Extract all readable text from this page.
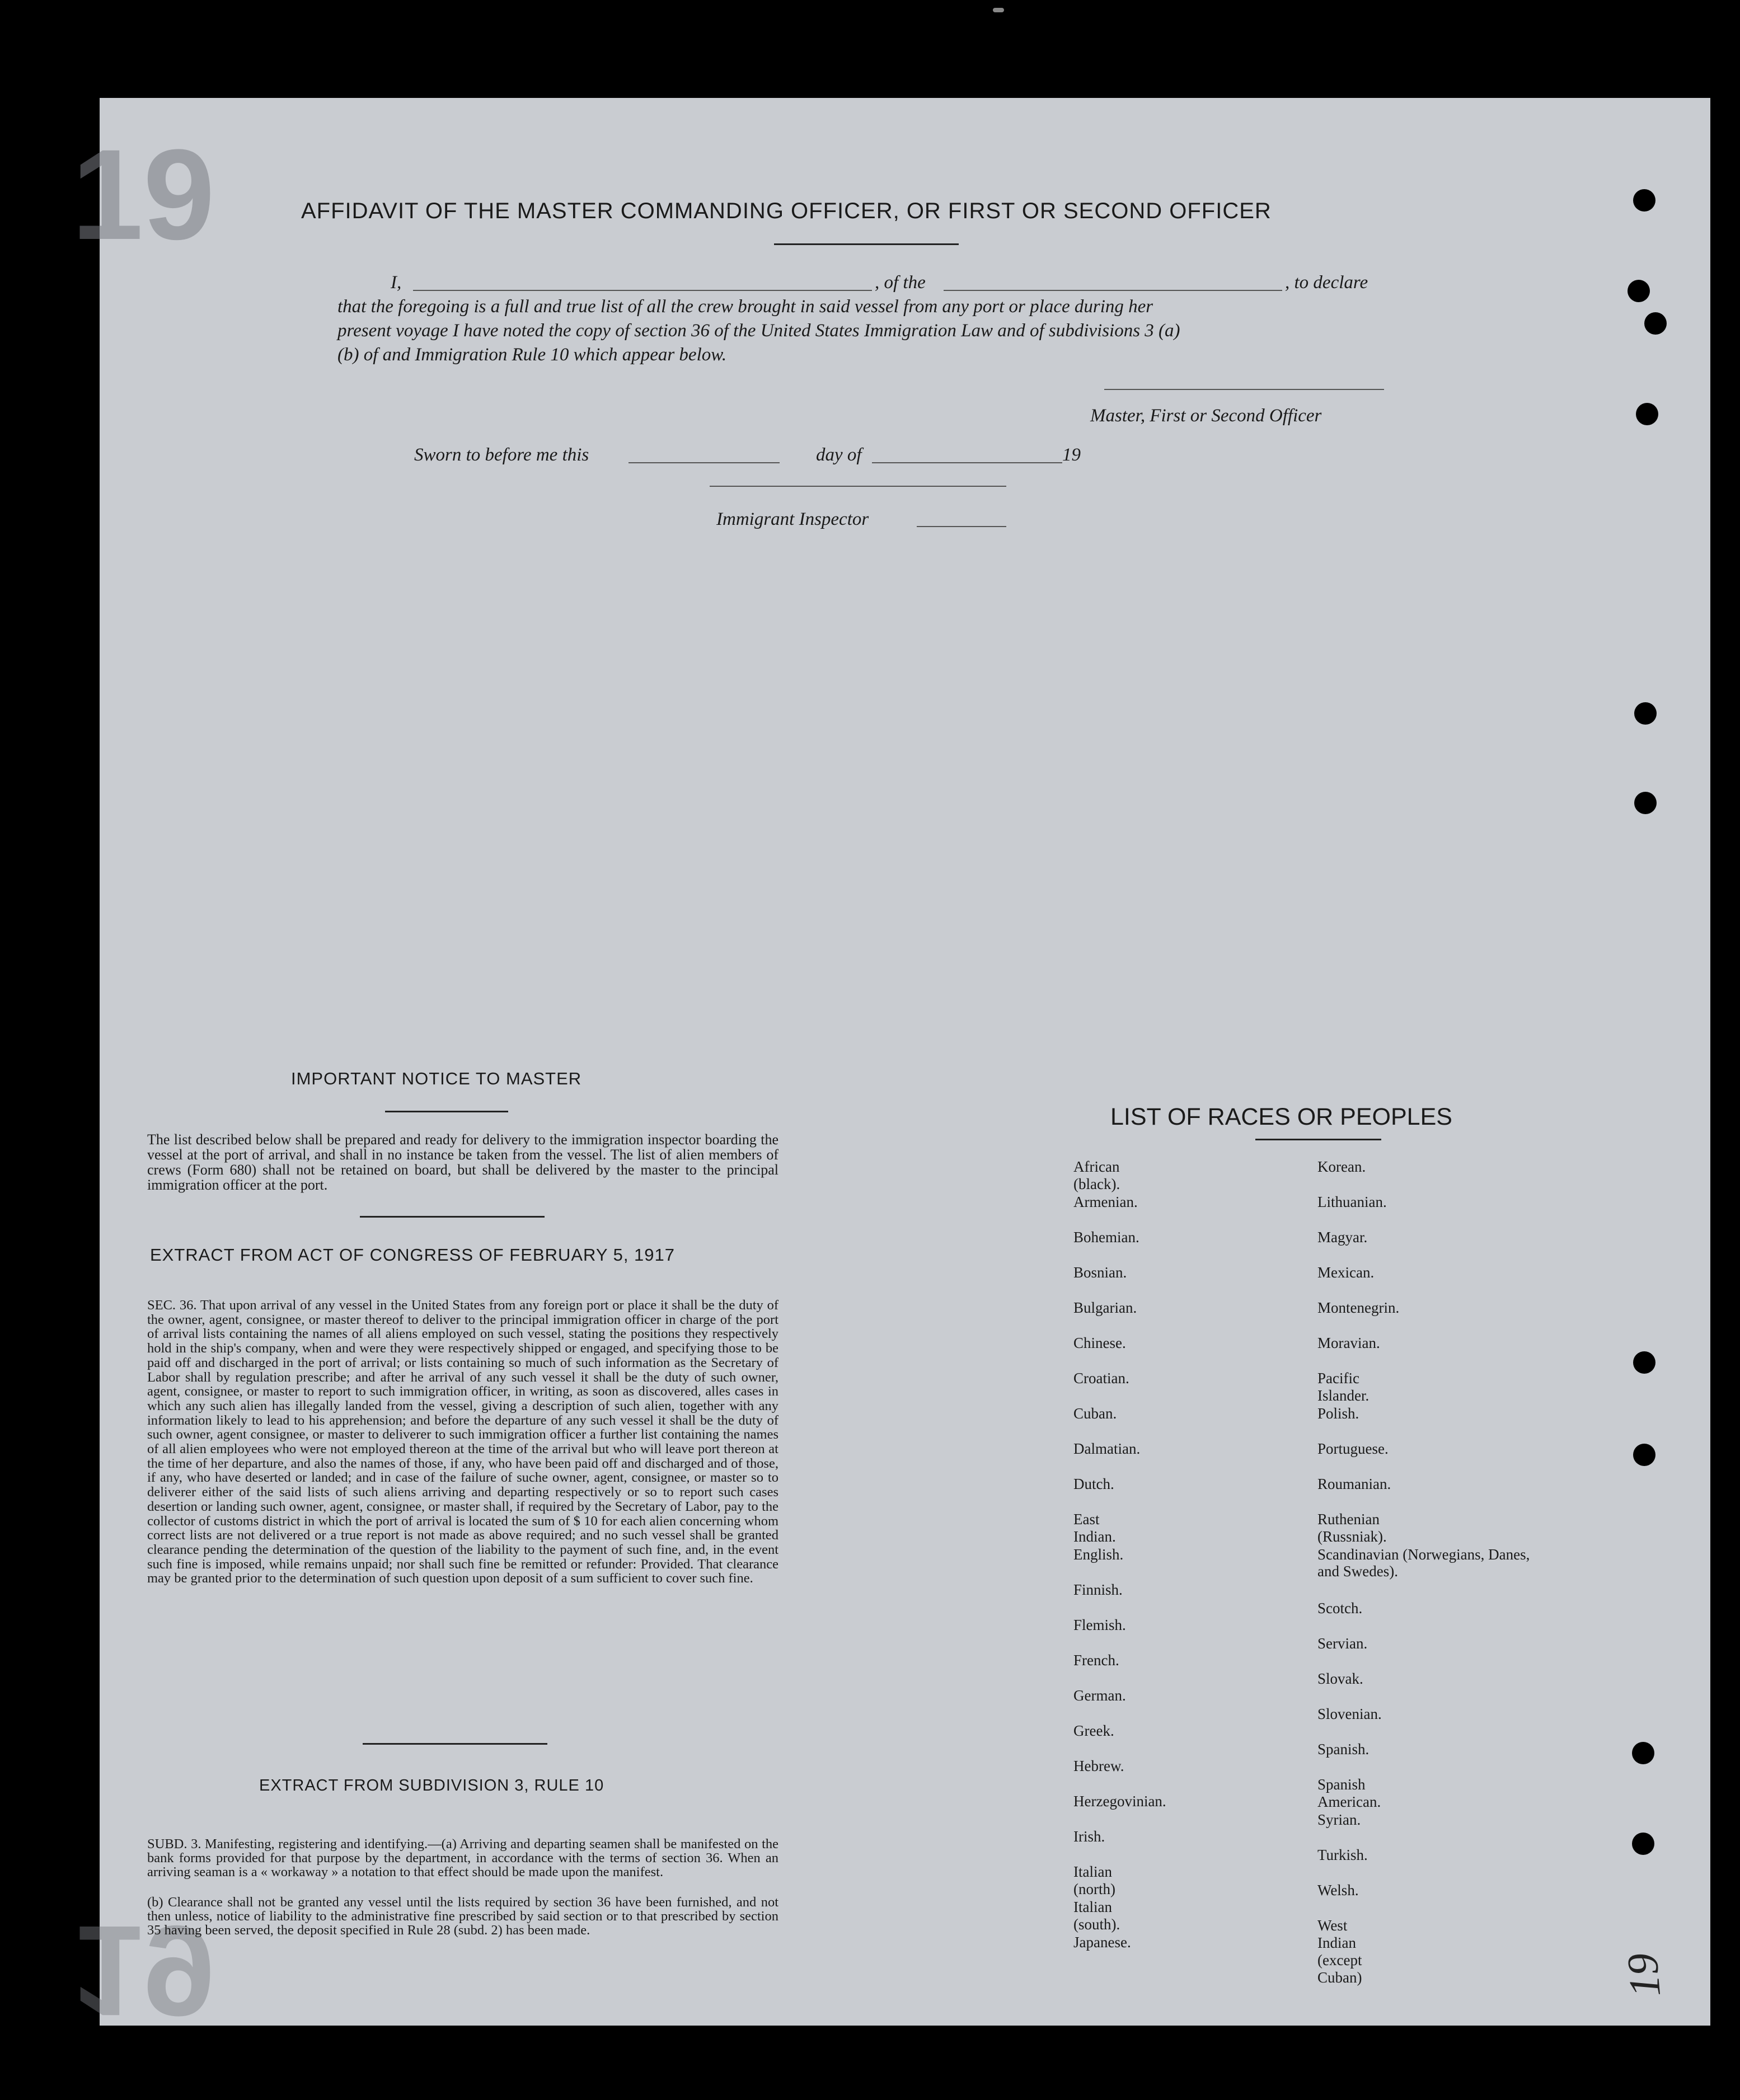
19
19	19
AFFIDAVIT OF THE MASTER COMMANDING OFFICER, OR FIRST OR SECOND OFFICER
I,	, of the	, to declare
that the foregoing is a full and true list of all the crew brought in said vessel from any port or place during her
present voyage I have noted the copy of section 36 of the United States Immigration Law and of subdivisions 3 (a)
(b) of and Immigration Rule 10 which appear below.
Master, First or Second Officer
Sworn to before me this	day of	19
Immigrant Inspector
IMPORTANT NOTICE TO MASTER
The list described below shall be prepared and ready for delivery to the immigration inspector boarding the vessel at the port of arrival, and shall in no instance be taken from the vessel. The list of alien members of crews (Form 680) shall not be retained on board, but shall be delivered by the master to the principal immigration officer at the port.
EXTRACT FROM ACT OF CONGRESS OF FEBRUARY 5, 1917
SEC. 36. That upon arrival of any vessel in the United States from any foreign port or place it shall be the duty of the owner, agent, consignee, or master thereof to deliver to the principal immigration officer in charge of the port of arrival lists containing the names of all aliens employed on such vessel, stating the positions they respectively hold in the ship's company, when and were they were respectively shipped or engaged, and specifying those to be paid off and discharged in the port of arrival; or lists containing so much of such information as the Secretary of Labor shall by regulation prescribe; and after he arrival of any such vessel it shall be the duty of such owner, agent, consignee, or master to report to such immigration officer, in writing, as soon as discovered, alles cases in which any such alien has illegally landed from the vessel, giving a description of such alien, together with any information likely to lead to his apprehension; and before the departure of any such vessel it shall be the duty of such owner, agent consignee, or master to deliverer to such immigration officer a further list containing the names of all alien employees who were not employed thereon at the time of the arrival but who will leave port thereon at the time of her departure, and also the names of those, if any, who have been paid off and discharged and of those, if any, who have deserted or landed; and in case of the failure of suche owner, agent, consignee, or master so to deliverer either of the said lists of such aliens arriving and departing respectively or so to report such cases desertion or landing such owner, agent, consignee, or master shall, if required by the Secretary of Labor, pay to the collector of customs district in which the port of arrival is located the sum of $ 10 for each alien concerning whom correct lists are not delivered or a true report is not made as above required; and no such vessel shall be granted clearance pending the determination of the question of the liability to the payment of such fine, and, in the event such fine is imposed, while remains unpaid; nor shall such fine be remitted or refunder: Provided. That clearance may be granted prior to the determination of such question upon deposit of a sum sufficient to cover such fine.
EXTRACT FROM SUBDIVISION 3, RULE 10
SUBD. 3. Manifesting, registering and identifying.—(a) Arriving and departing seamen shall be manifested on the bank forms provided for that purpose by the department, in accordance with the terms of section 36. When an arriving seaman is a « workaway » a notation to that effect should be made upon the manifest.
(b) Clearance shall not be granted any vessel until the lists required by section 36 have been furnished, and not then unless, notice of liability to the administrative fine prescribed by said section or to that prescribed by section 35 having been served, the deposit specified in Rule 28 (subd. 2) has been made.
LIST OF RACES OR PEOPLES
African (black).
Armenian.
Bohemian.
Bosnian.
Bulgarian.
Chinese.
Croatian.
Cuban.
Dalmatian.
Dutch.
East Indian.
English.
Finnish.
Flemish.
French.
German.
Greek.
Hebrew.
Herzegovinian.
Irish.
Italian (north)
Italian (south).
Japanese.
Korean.
Lithuanian.
Magyar.
Mexican.
Montenegrin.
Moravian.
Pacific Islander.
Polish.
Portuguese.
Roumanian.
Ruthenian (Russniak).
Scandinavian (Norwegians, Danes, and Swedes).
Scotch.
Servian.
Slovak.
Slovenian.
Spanish.
Spanish American.
Syrian.
Turkish.
Welsh.
West Indian (except Cuban)
